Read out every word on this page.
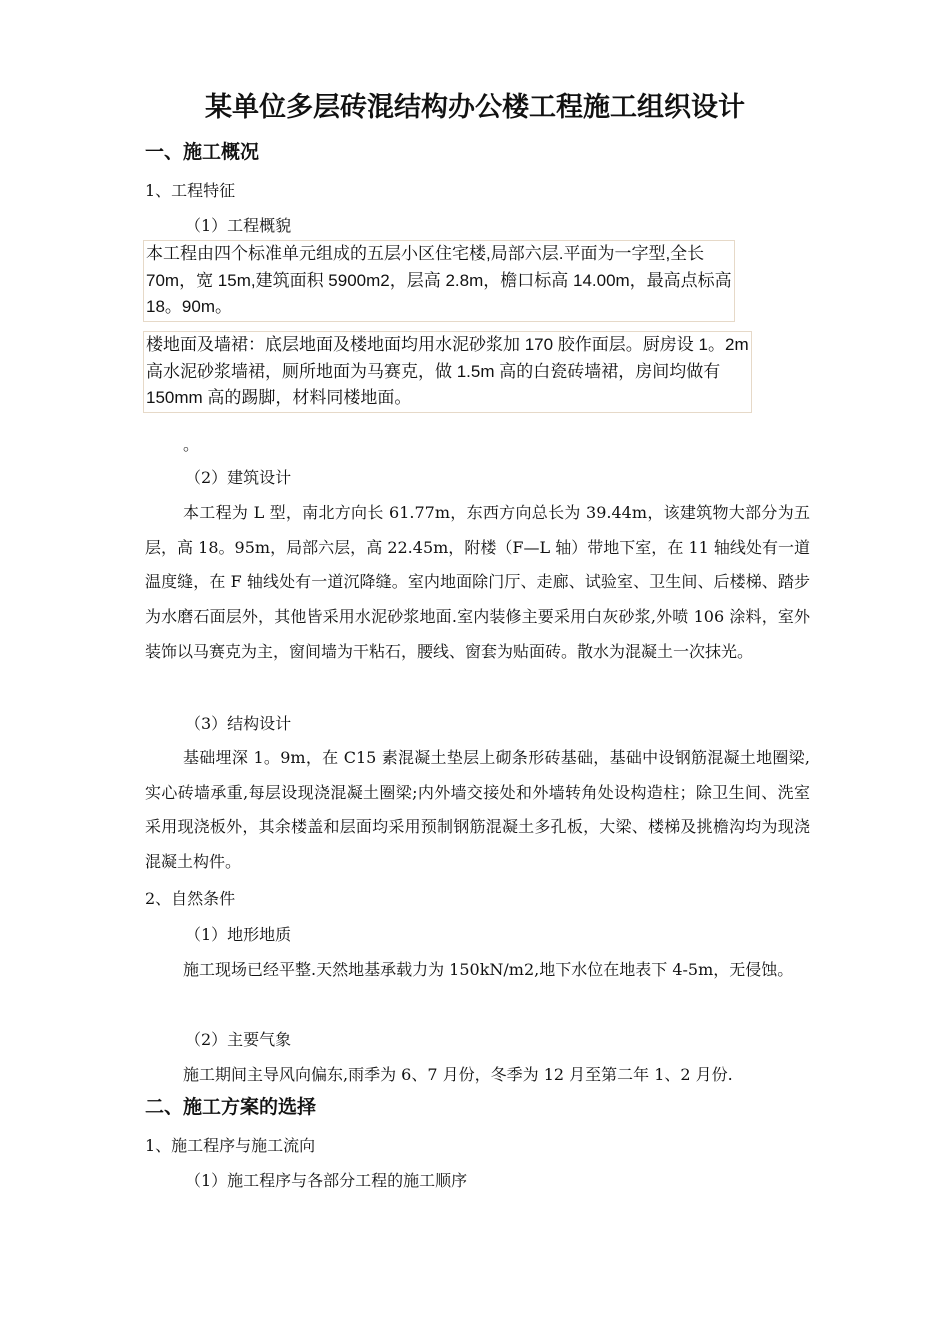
某单位多层砖混结构办公楼工程施工组织设计
一、施工概况
1、工程特征
（1）工程概貌
本工程由四个标准单元组成的五层小区住宅楼,局部六层.平面为一字型,全长
70m，宽 15m,建筑面积 5900m2，层高 2.8m，檐口标高 14.00m，最高点标高
18。90m。
楼地面及墙裙：底层地面及楼地面均用水泥砂浆加 170 胶作面层。厨房设 1。2m
高水泥砂浆墙裙，厕所地面为马赛克，做 1.5m 高的白瓷砖墙裙，房间均做有
150mm 高的踢脚，材料同楼地面。
。
（2）建筑设计
本工程为 L 型，南北方向长 61.77m，东西方向总长为 39.44m，该建筑物大部分为五层，高 18。95m，局部六层，高 22.45m，附楼（F—L 轴）带地下室，在 11 轴线处有一道温度缝，在 F 轴线处有一道沉降缝。室内地面除门厅、走廊、试验室、卫生间、后楼梯、踏步为水磨石面层外，其他皆采用水泥砂浆地面.室内装修主要采用白灰砂浆,外喷 106 涂料，室外装饰以马赛克为主，窗间墙为干粘石，腰线、窗套为贴面砖。散水为混凝土一次抹光。
（3）结构设计
基础埋深 1。9m，在 C15 素混凝土垫层上砌条形砖基础，基础中设钢筋混凝土地圈梁,实心砖墙承重,每层设现浇混凝土圈梁;内外墙交接处和外墙转角处设构造柱；除卫生间、洗室采用现浇板外，其余楼盖和层面均采用预制钢筋混凝土多孔板，大梁、楼梯及挑檐沟均为现浇混凝土构件。
2、自然条件
（1）地形地质
施工现场已经平整.天然地基承载力为 150kN/m2,地下水位在地表下 4-5m，无侵蚀。
（2）主要气象
施工期间主导风向偏东,雨季为 6、7 月份，冬季为 12 月至第二年 1、2 月份.
二、施工方案的选择
1、施工程序与施工流向
（1）施工程序与各部分工程的施工顺序
